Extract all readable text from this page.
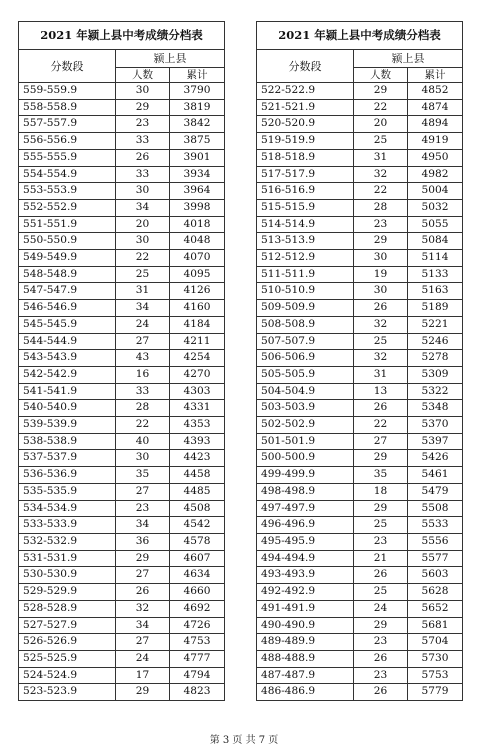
2021 年颍上县中考成绩分档表		
分数段	颍上县	
	人数	累计
559-559.9	30	3790
558-558.9	29	3819
557-557.9	23	3842
556-556.9	33	3875
555-555.9	26	3901
554-554.9	33	3934
553-553.9	30	3964
552-552.9	34	3998
551-551.9	20	4018
550-550.9	30	4048
549-549.9	22	4070
548-548.9	25	4095
547-547.9	31	4126
546-546.9	34	4160
545-545.9	24	4184
544-544.9	27	4211
543-543.9	43	4254
542-542.9	16	4270
541-541.9	33	4303
540-540.9	28	4331
539-539.9	22	4353
538-538.9	40	4393
537-537.9	30	4423
536-536.9	35	4458
535-535.9	27	4485
534-534.9	23	4508
533-533.9	34	4542
532-532.9	36	4578
531-531.9	29	4607
530-530.9	27	4634
529-529.9	26	4660
528-528.9	32	4692
527-527.9	34	4726
526-526.9	27	4753
525-525.9	24	4777
524-524.9	17	4794
523-523.9	29	4823
2021 年颍上县中考成绩分档表		
分数段	颍上县	
	人数	累计
522-522.9	29	4852
521-521.9	22	4874
520-520.9	20	4894
519-519.9	25	4919
518-518.9	31	4950
517-517.9	32	4982
516-516.9	22	5004
515-515.9	28	5032
514-514.9	23	5055
513-513.9	29	5084
512-512.9	30	5114
511-511.9	19	5133
510-510.9	30	5163
509-509.9	26	5189
508-508.9	32	5221
507-507.9	25	5246
506-506.9	32	5278
505-505.9	31	5309
504-504.9	13	5322
503-503.9	26	5348
502-502.9	22	5370
501-501.9	27	5397
500-500.9	29	5426
499-499.9	35	5461
498-498.9	18	5479
497-497.9	29	5508
496-496.9	25	5533
495-495.9	23	5556
494-494.9	21	5577
493-493.9	26	5603
492-492.9	25	5628
491-491.9	24	5652
490-490.9	29	5681
489-489.9	23	5704
488-488.9	26	5730
487-487.9	23	5753
486-486.9	26	5779
第 3 页 共 7 页
